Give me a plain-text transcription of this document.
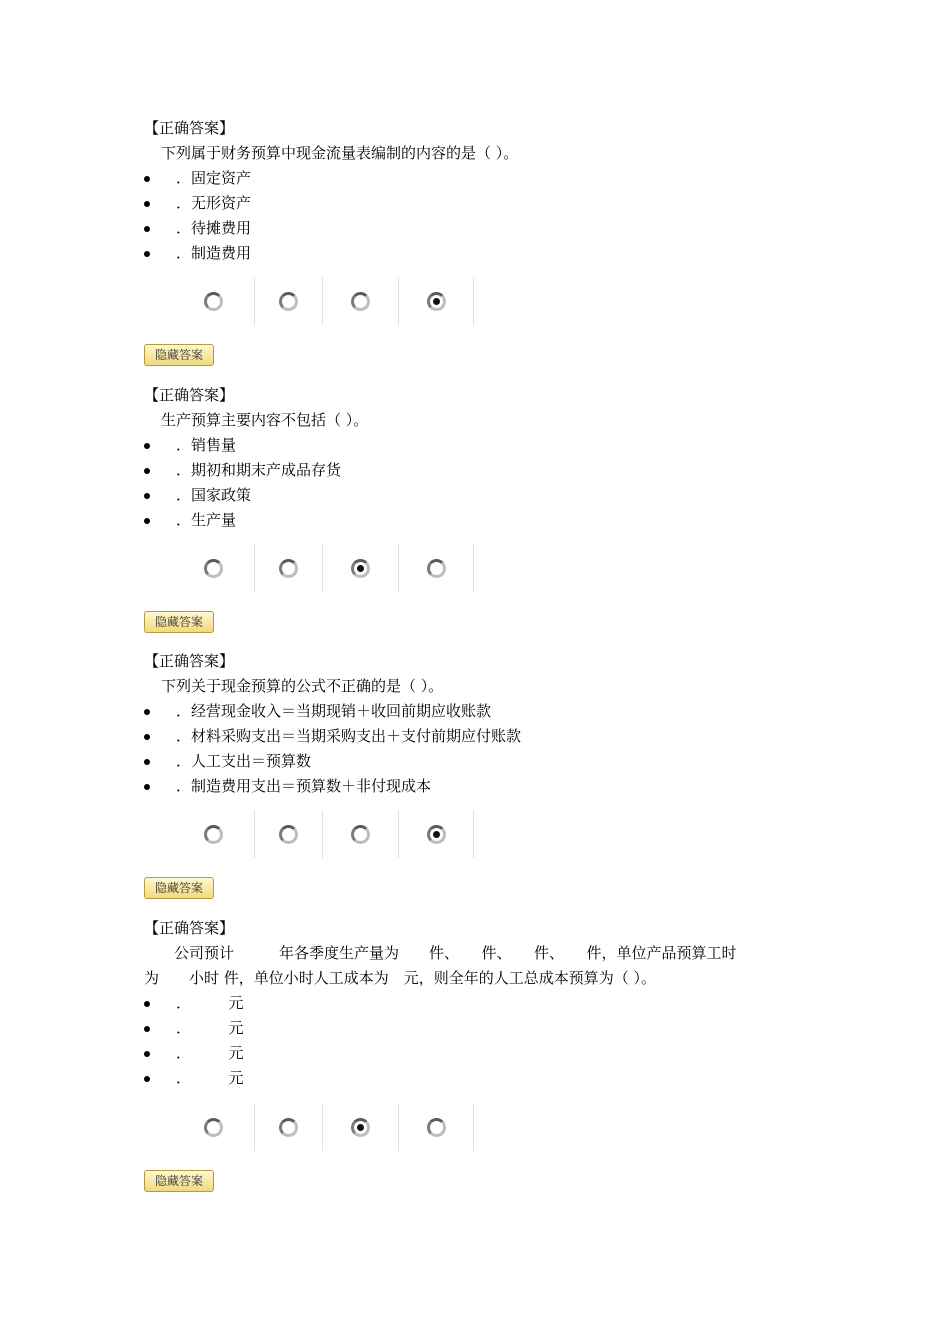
【正确答案】
下列属于财务预算中现金流量表编制的内容的是（ ）。
．固定资产
．无形资产
．待摊费用
．制造费用
隐藏答案
【正确答案】
生产预算主要内容不包括（ ）。
．销售量
．期初和期末产成品存货
．国家政策
．生产量
隐藏答案
【正确答案】
下列关于现金预算的公式不正确的是（ ）。
．经营现金收入＝当期现销＋收回前期应收账款
．材料采购支出＝当期采购支出＋支付前期应付账款
．人工支出＝预算数
．制造费用支出＝预算数＋非付现成本
隐藏答案
【正确答案】
公司预计　　　年各季度生产量为　　件、　　件、　　件、　　件，单位产品预算工时
为　　小时 件，单位小时人工成本为　元，则全年的人工总成本预算为（ ）。
．　　　元
．　　　元
．　　　元
．　　　元
隐藏答案
